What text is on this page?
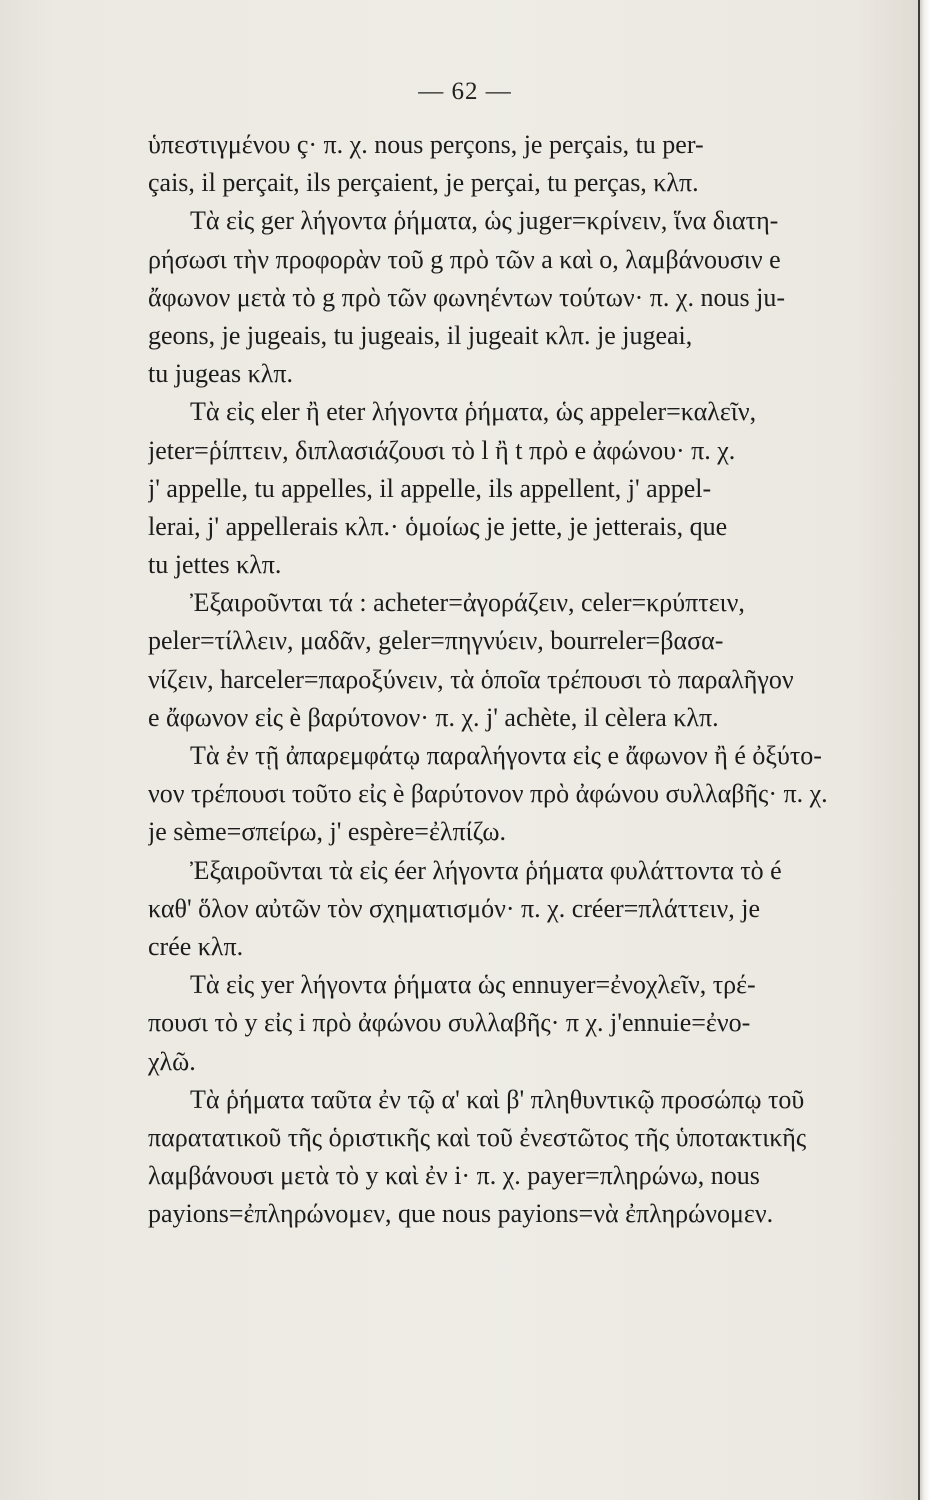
— 62 —
ὑπεστιγμένου ç· π. χ. nous perçons, je perçais, tu per-
çais, il perçait, ils perçaient, je perçai, tu perças, κλπ.
Τὰ εἰς ger λήγοντα ῥήματα, ὡς juger=κρίνειν, ἵνα διατη-
ρήσωσι τὴν προφορὰν τοῦ g πρὸ τῶν a καὶ o, λαμβάνουσιν e
ἄφωνον μετὰ τὸ g πρὸ τῶν φωνηέντων τούτων· π. χ. nous ju-
geons, je jugeais, tu jugeais, il jugeait κλπ. je jugeai,
tu jugeas κλπ.
Τὰ εἰς eler ἢ eter λήγοντα ῥήματα, ὡς appeler=καλεῖν,
jeter=ῥίπτειν, διπλασιάζουσι τὸ l ἢ t πρὸ e ἀφώνου· π. χ.
j' appelle, tu appelles, il appelle, ils appellent, j' appel-
lerai, j' appellerais κλπ.· ὁμοίως je jette, je jetterais, que
tu jettes κλπ.
Ἐξαιροῦνται τά : acheter=ἀγοράζειν, celer=κρύπτειν,
peler=τίλλειν, μαδᾶν, geler=πηγνύειν, bourreler=βασα-
νίζειν, harceler=παροξύνειν, τὰ ὁποῖα τρέπουσι τὸ παραλῆγον
e ἄφωνον εἰς è βαρύτονον· π. χ. j' achète, il cèlera κλπ.
Τὰ ἐν τῇ ἀπαρεμφάτῳ παραλήγοντα εἰς e ἄφωνον ἢ é ὀξύτο-
νον τρέπουσι τοῦτο εἰς è βαρύτονον πρὸ ἀφώνου συλλαβῆς· π. χ.
je sème=σπείρω, j' espère=ἐλπίζω.
Ἐξαιροῦνται τὰ εἰς éer λήγοντα ῥήματα φυλάττοντα τὸ é
καθ' ὅλον αὐτῶν τὸν σχηματισμόν· π. χ. créer=πλάττειν, je
crée κλπ.
Τὰ εἰς yer λήγοντα ῥήματα ὡς ennuyer=ἐνοχλεῖν, τρέ-
πουσι τὸ y εἰς i πρὸ ἀφώνου συλλαβῆς· π χ. j'ennuie=ἐνο-
χλῶ.
Τὰ ῥήματα ταῦτα ἐν τῷ α' καὶ β' πληθυντικῷ προσώπῳ τοῦ
παρατατικοῦ τῆς ὁριστικῆς καὶ τοῦ ἐνεστῶτος τῆς ὑποτακτικῆς
λαμβάνουσι μετὰ τὸ y καὶ ἐν i· π. χ. payer=πληρώνω, nous
payions=ἐπληρώνομεν, que nous payions=νὰ ἐπληρώνομεν.
